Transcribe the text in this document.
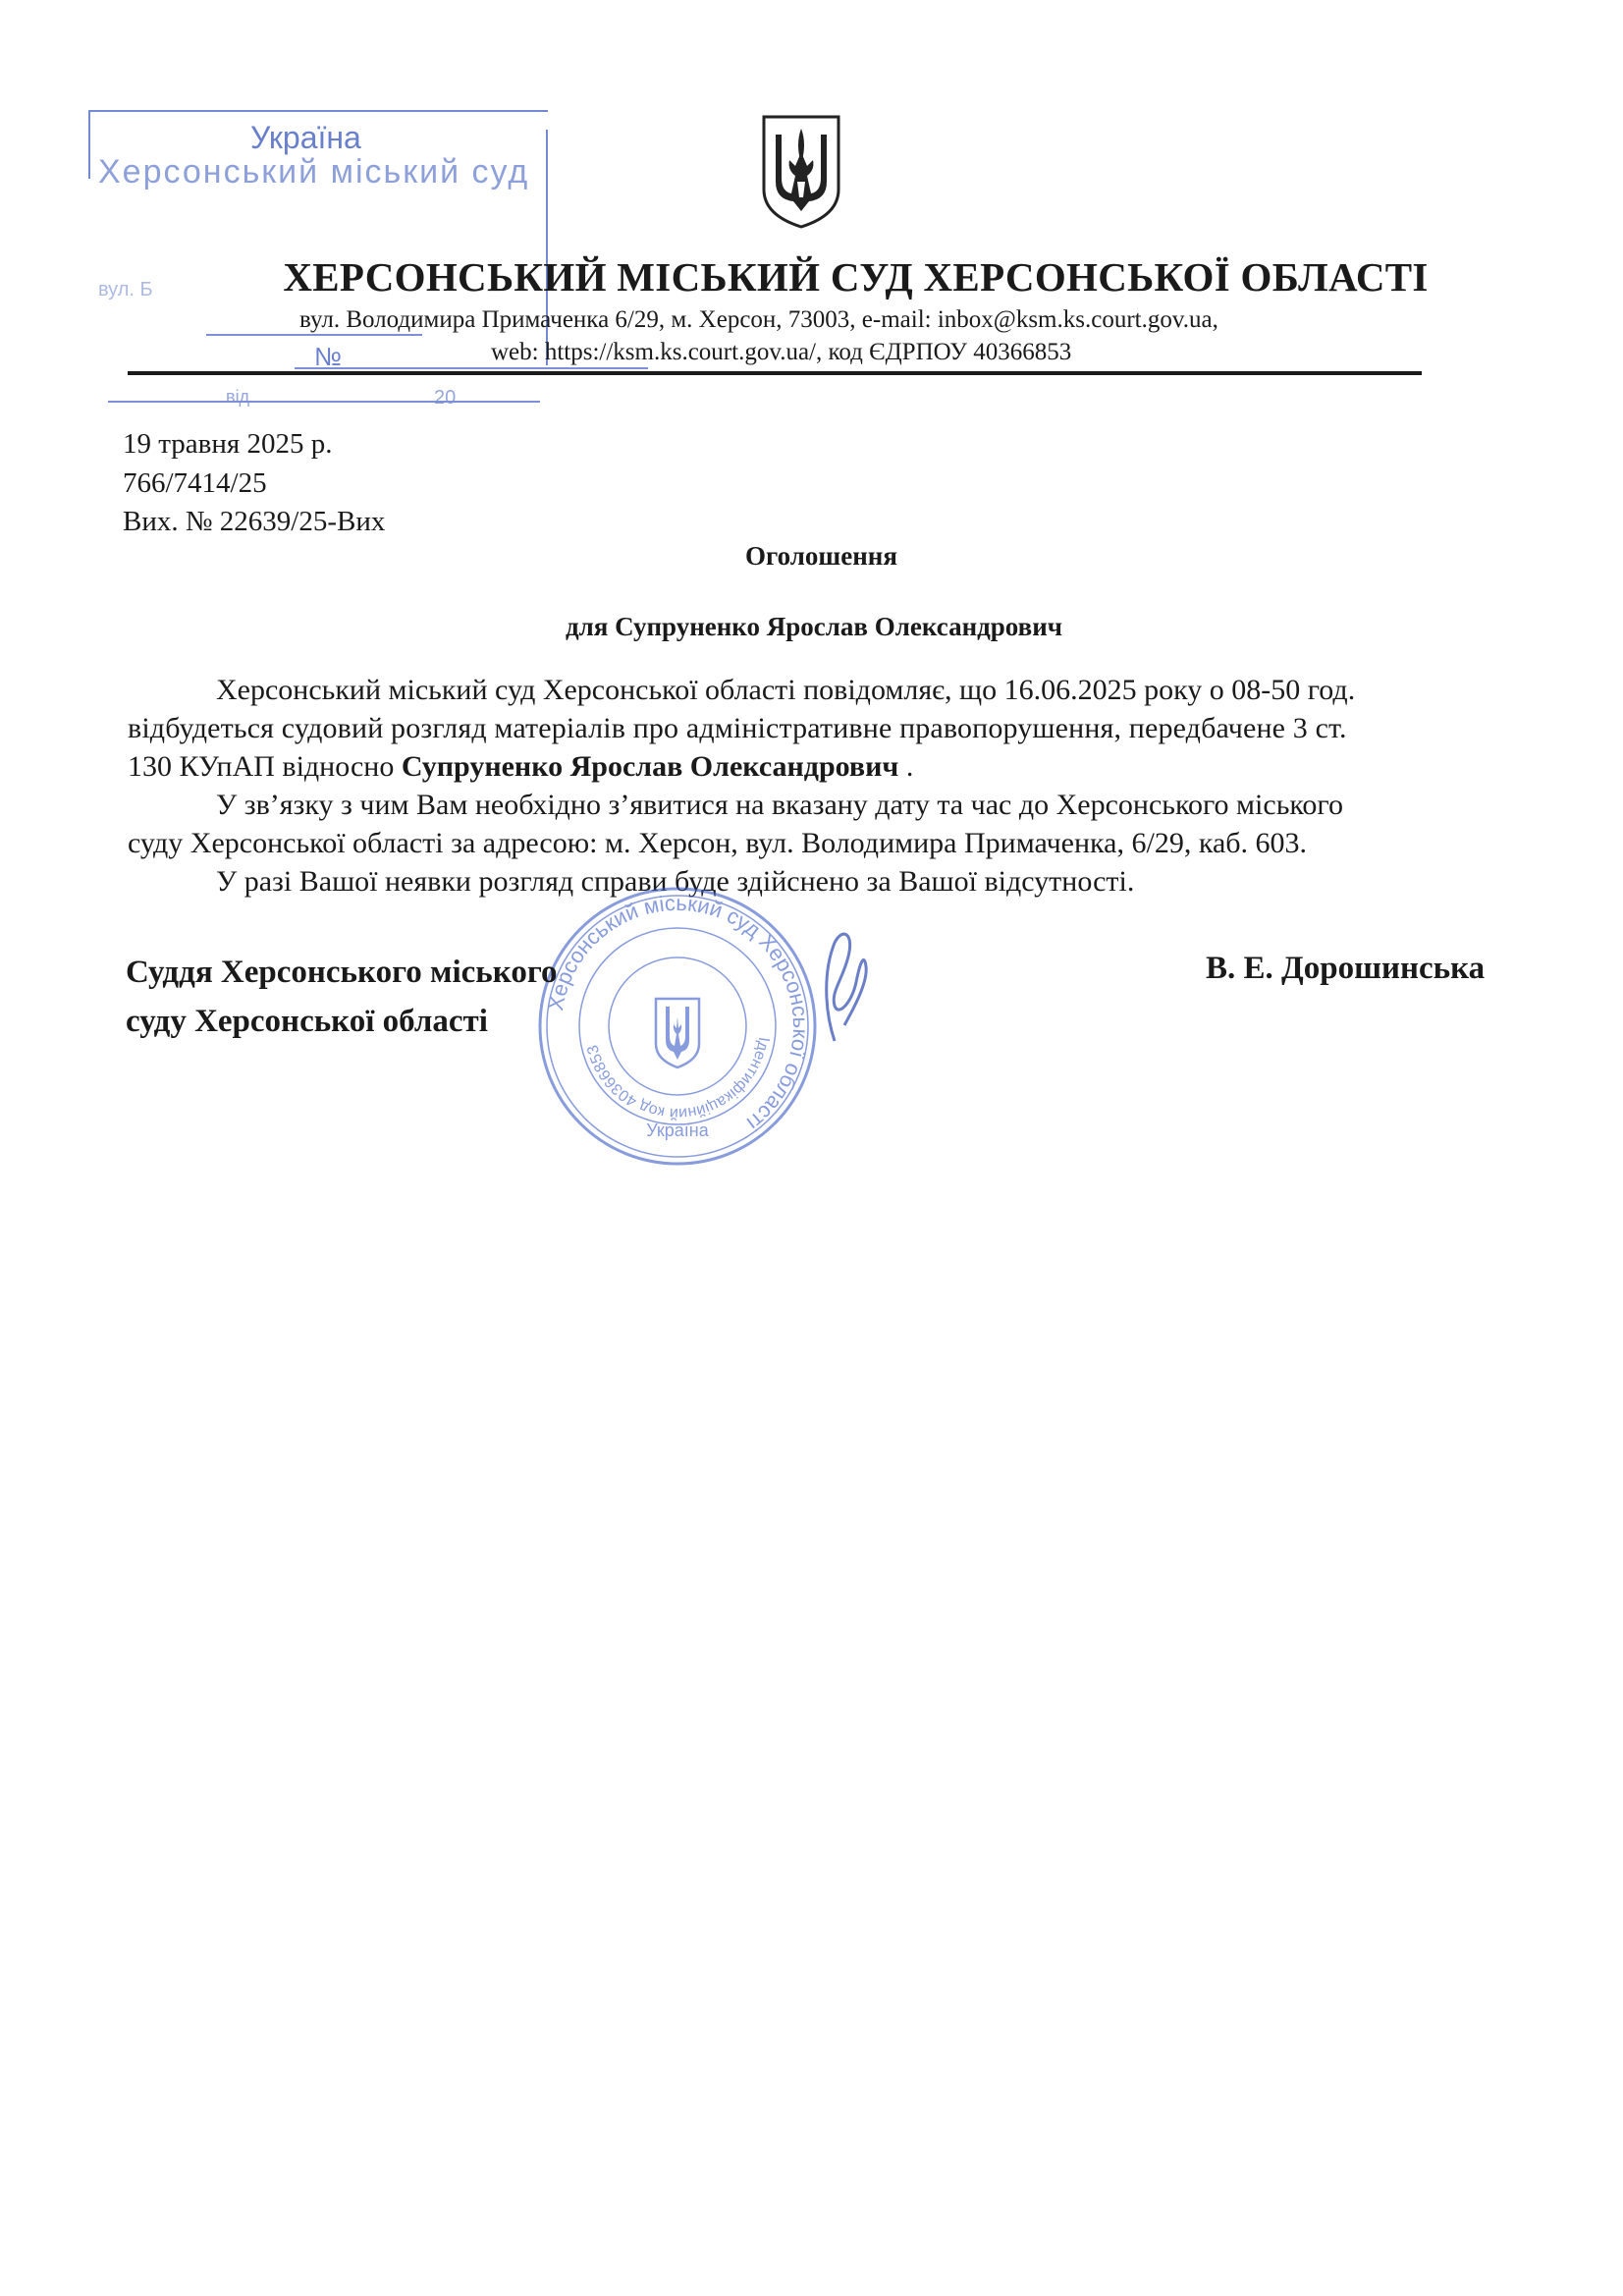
Україна
Херсонський міський суд
вул. Б
№
від	20
ХЕРСОНСЬКИЙ МІСЬКИЙ СУД ХЕРСОНСЬКОЇ ОБЛАСТІ
вул. Володимира Примаченка 6/29, м. Херсон, 73003, e-mail: inbox@ksm.ks.court.gov.ua,
web: https://ksm.ks.court.gov.ua/, код ЄДРПОУ 40366853
19 травня 2025 р.
766/7414/25
Вих. № 22639/25-Вих
Оголошення
для Супруненко Ярослав Олександрович
Херсонський міський суд Херсонської області повідомляє, що 16.06.2025 року о 08-50 год.
відбудеться судовий розгляд матеріалів про адміністративне правопорушення, передбачене 3 ст.
130 КУпАП відносно Супруненко Ярослав Олександрович .
У зв’язку з чим Вам необхідно з’явитися на вказану дату та час до Херсонського міського
суду Херсонської області за адресою: м. Херсон, вул. Володимира Примаченка, 6/29, каб. 603.
У разі Вашої неявки розгляд справи буде здійснено за Вашої відсутності.
Херсонський міський суд Херсонської області
Ідентифікаційний код 40366853
Україна
Суддя Херсонського міського
суду Херсонської області
В. Е. Дорошинська
